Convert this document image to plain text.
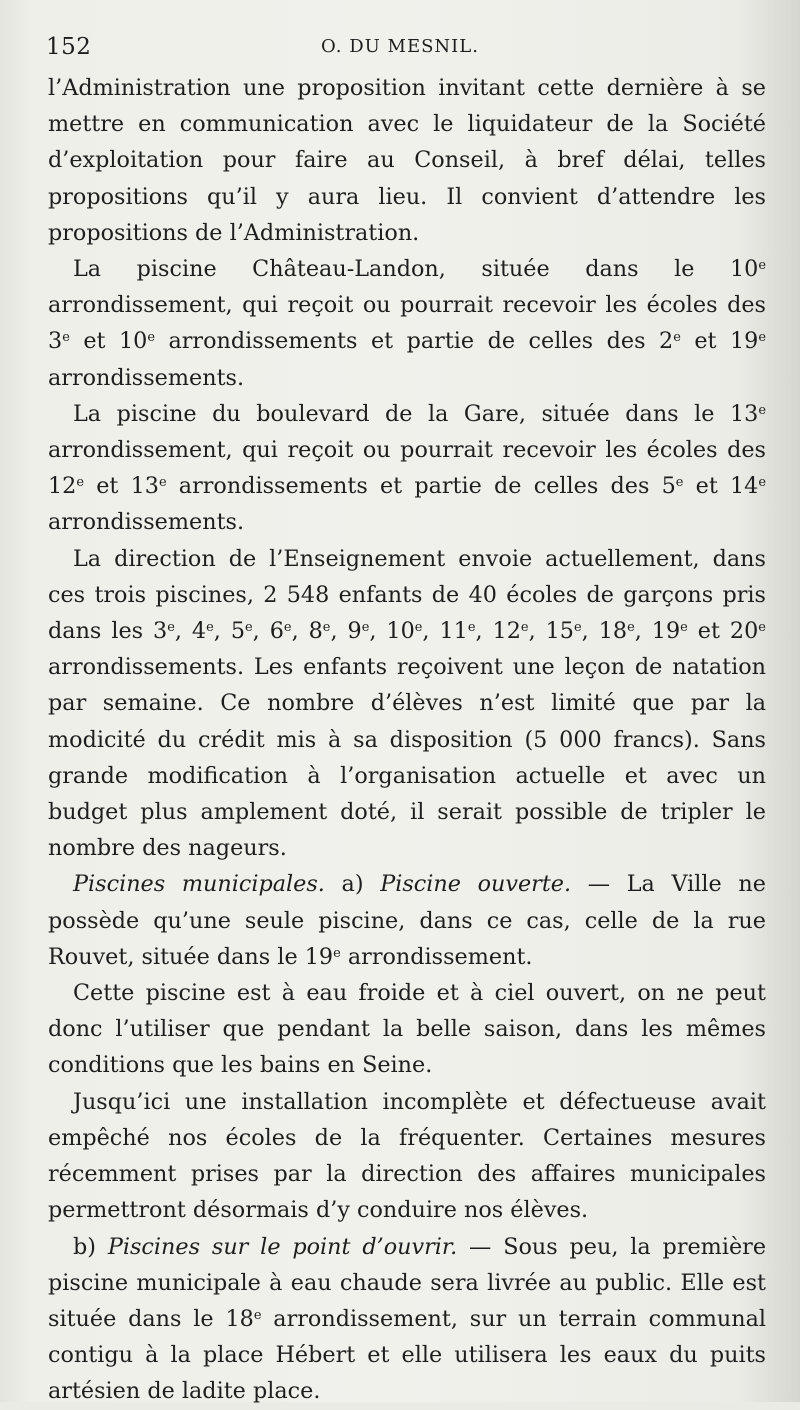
152	O. DU MESNIL.

l’Administration une proposition invitant cette dernière à se mettre en communication avec le liquidateur de la Société d’exploitation pour faire au Conseil, à bref délai, telles propositions qu’il y aura lieu. Il convient d’attendre les propositions de l’Administration.

La piscine Château-Landon, située dans le 10e arrondissement, qui reçoit ou pourrait recevoir les écoles des 3e et 10e arrondissements et partie de celles des 2e et 19e arrondissements.

La piscine du boulevard de la Gare, située dans le 13e arrondissement, qui reçoit ou pourrait recevoir les écoles des 12e et 13e arrondissements et partie de celles des 5e et 14e arrondissements.

La direction de l’Enseignement envoie actuellement, dans ces trois piscines, 2 548 enfants de 40 écoles de garçons pris dans les 3e, 4e, 5e, 6e, 8e, 9e, 10e, 11e, 12e, 15e, 18e, 19e et 20e arrondissements. Les enfants reçoivent une leçon de natation par semaine. Ce nombre d’élèves n’est limité que par la modicité du crédit mis à sa disposition (5 000 francs). Sans grande modification à l’organisation actuelle et avec un budget plus amplement doté, il serait possible de tripler le nombre des nageurs.

Piscines municipales. a) Piscine ouverte. — La Ville ne possède qu’une seule piscine, dans ce cas, celle de la rue Rouvet, située dans le 19e arrondissement.

Cette piscine est à eau froide et à ciel ouvert, on ne peut donc l’utiliser que pendant la belle saison, dans les mêmes conditions que les bains en Seine.

Jusqu’ici une installation incomplète et défectueuse avait empêché nos écoles de la fréquenter. Certaines mesures récemment prises par la direction des affaires municipales permettront désormais d’y conduire nos élèves.

b) Piscines sur le point d’ouvrir. — Sous peu, la première piscine municipale à eau chaude sera livrée au public. Elle est située dans le 18e arrondissement, sur un terrain communal contigu à la place Hébert et elle utilisera les eaux du puits artésien de ladite place.
